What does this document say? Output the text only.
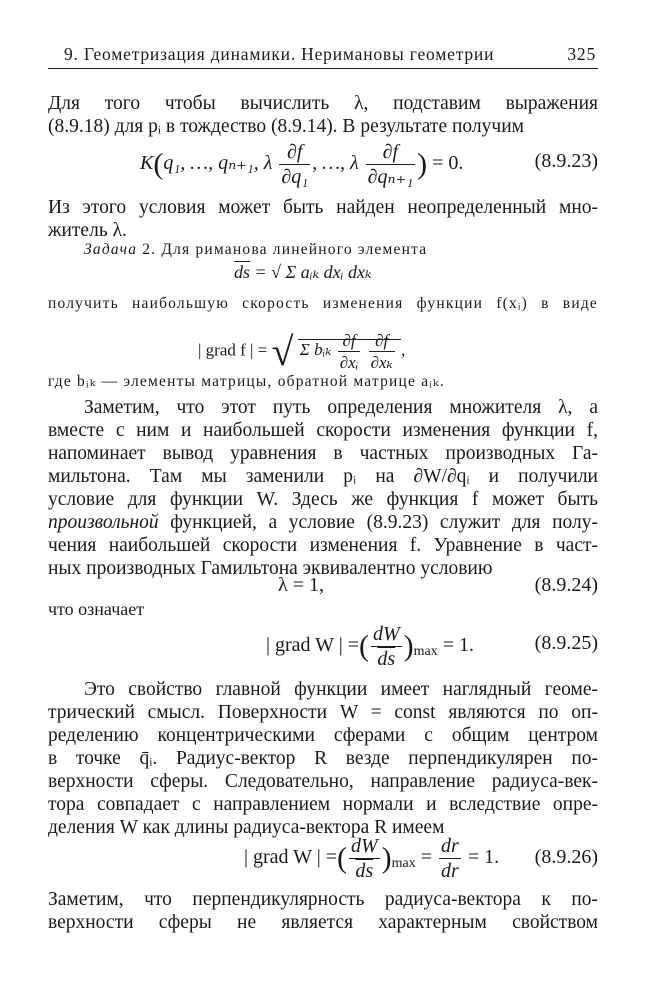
9. Геометризация динамики. Неримановы геометрии	325
Для того чтобы вычислить λ, подставим выражения
(8.9.18) для pᵢ в тождество (8.9.14). В результате получим
K(q₁, …, qₙ₊₁, λ $\frac{\partial f}{\text{∂q₁}}$ , …, λ $\frac{\partial f}{\text{∂qₙ₊₁}}$ ) = 0.	(8.9.23)
Из этого условия может быть найден неопределенный мно-
житель λ.
Задача 2. Для риманова линейного элемента
$\overline{ds}$ = √ Σ aᵢₖ dxᵢ dxₖ
получить наибольшую скорость изменения функции f(xᵢ) в виде
| grad f | = √ Σ bᵢₖ $\frac{\partial f}{\text{∂xᵢ}}$
$\frac{\partial f}{\text{∂xₖ}}$ ,
где bᵢₖ — элементы матрицы, обратной матрице aᵢₖ.
Заметим, что этот путь определения множителя λ, а
вместе с ним и наибольшей скорости изменения функции f,
напоминает вывод уравнения в частных производных Га-
мильтона. Там мы заменили pᵢ на ∂W/∂qᵢ и получили
условие для функции W. Здесь же функция f может быть
произвольной функцией, а условие (8.9.23) служит для полу-
чения наибольшей скорости изменения f. Уравнение в част-
ных производных Гамильтона эквивалентно условию
λ = 1,	(8.9.24)
что означает
| grad W | =( $\frac{dW}{ds} )_{max} = 1$.	(8.9.25)
Это свойство главной функции имеет наглядный геоме-
трический смысл. Поверхности W = const являются по оп-
ределению концентрическими сферами с общим центром
в точке q̄ᵢ. Радиус-вектор R везде перпендикулярен по-
верхности сферы. Следовательно, направление радиуса-век-
тора совпадает с направлением нормали и вследствие опре-
деления W как длины радиуса-вектора R имеем
| grad W | =( $\frac{dW}{ds} )_{max} = \frac{dr}{dr} = 1$. (8.9.26)
Заметим, что перпендикулярность радиуса-вектора к по-
верхности сферы не является характерным свойством
